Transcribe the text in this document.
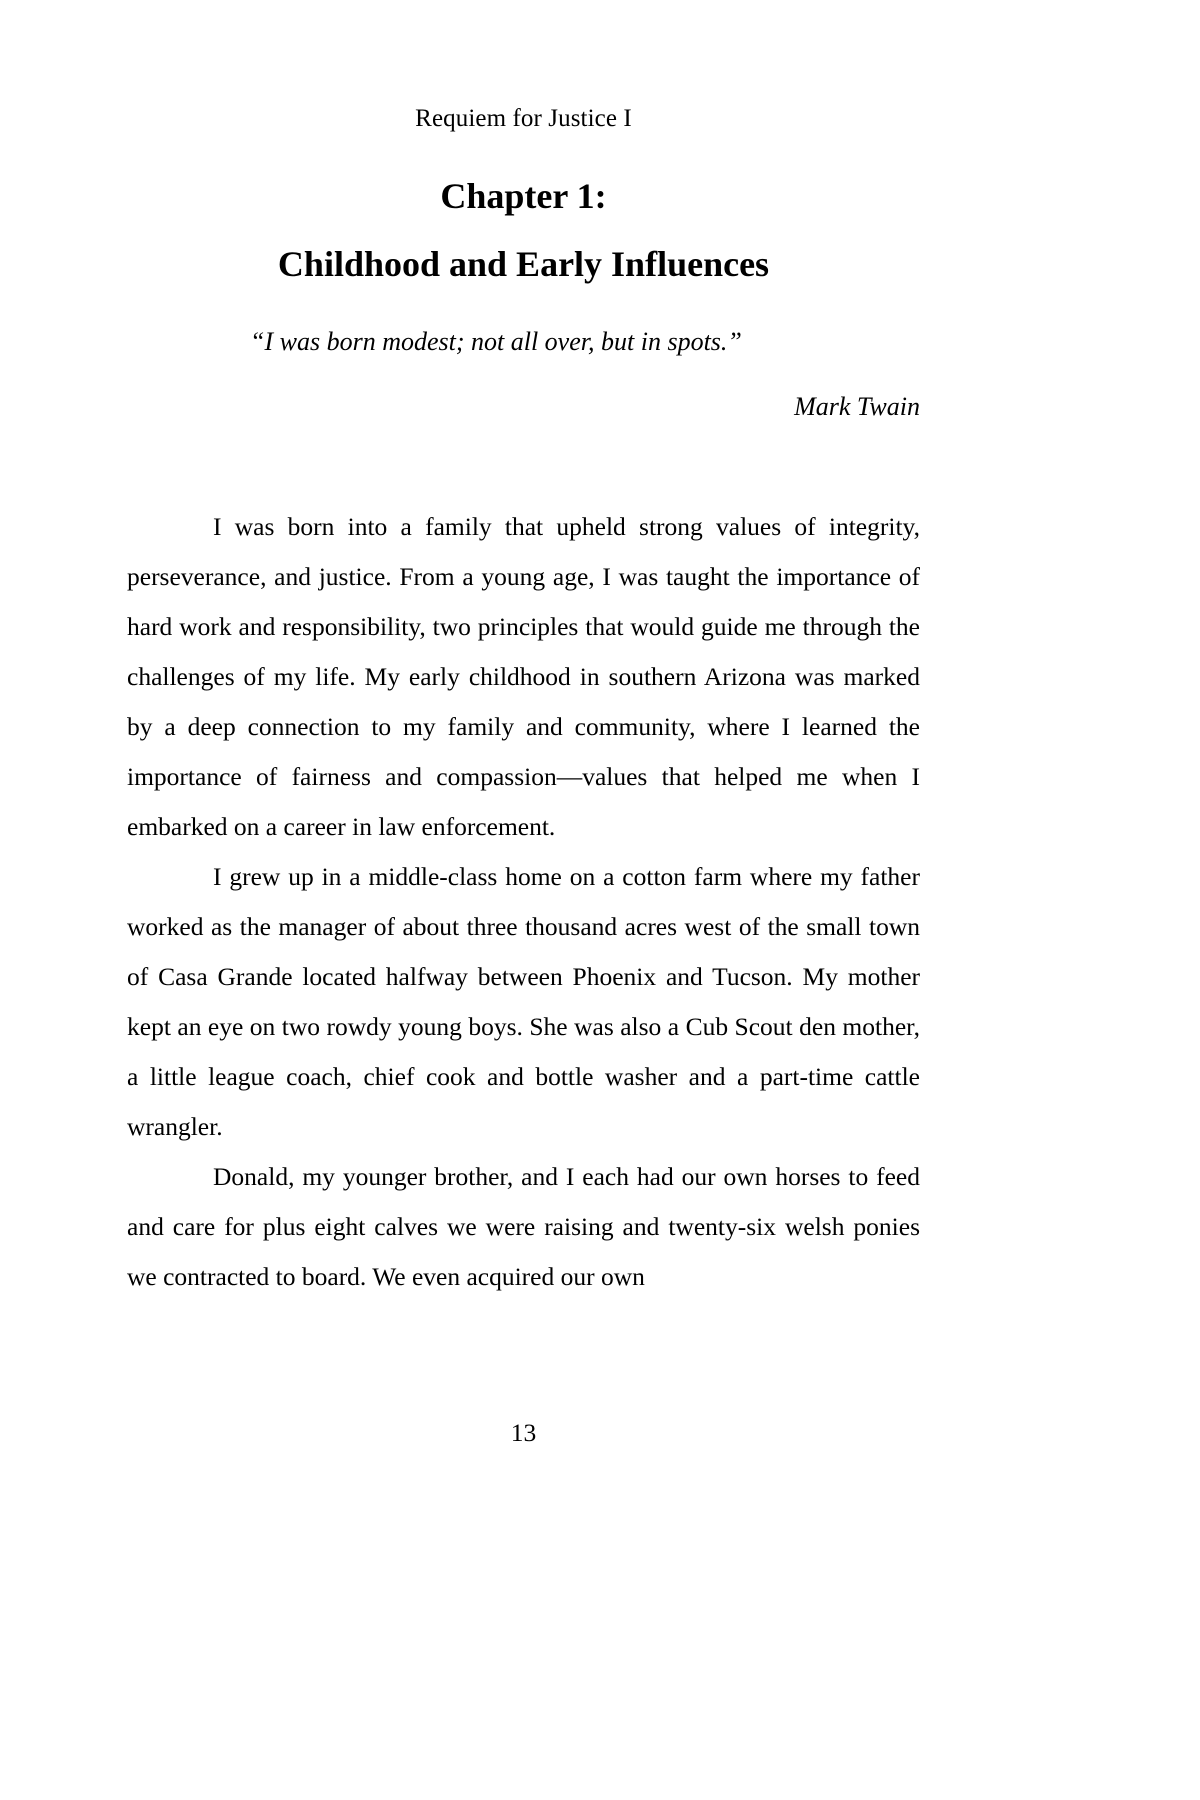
Requiem for Justice I
Chapter 1:
Childhood and Early Influences
“I was born modest; not all over, but in spots.”
Mark Twain

I was born into a family that upheld strong values of integrity, perseverance, and justice. From a young age, I was taught the importance of hard work and responsibility, two principles that would guide me through the challenges of my life. My early childhood in southern Arizona was marked by a deep connection to my family and community, where I learned the importance of fairness and compassion—values that helped me when I embarked on a career in law enforcement.

I grew up in a middle-class home on a cotton farm where my father worked as the manager of about three thousand acres west of the small town of Casa Grande located halfway between Phoenix and Tucson. My mother kept an eye on two rowdy young boys. She was also a Cub Scout den mother, a little league coach, chief cook and bottle washer and a part-time cattle wrangler.

Donald, my younger brother, and I each had our own horses to feed and care for plus eight calves we were raising and twenty-six welsh ponies we contracted to board. We even acquired our own

13
